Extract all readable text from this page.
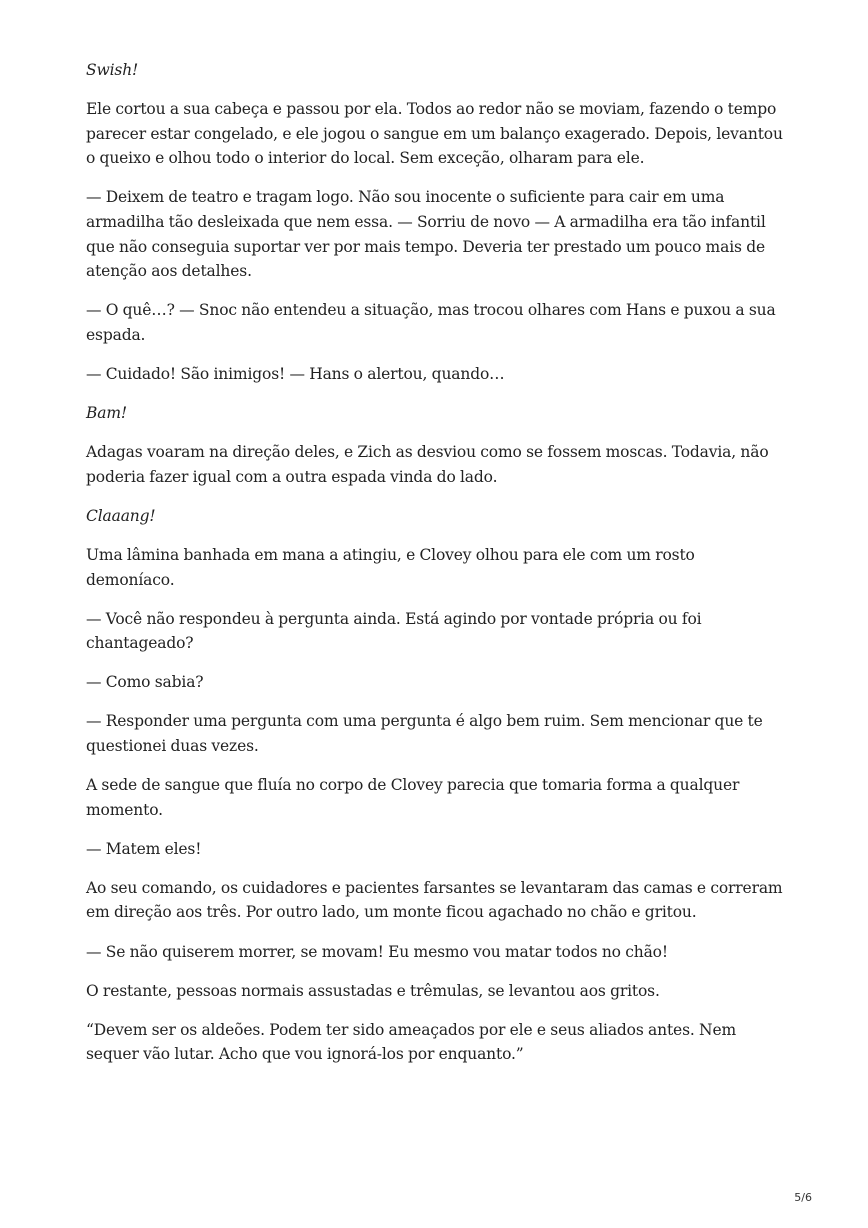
Swish!

Ele cortou a sua cabeça e passou por ela. Todos ao redor não se moviam, fazendo o tempo parecer estar congelado, e ele jogou o sangue em um balanço exagerado. Depois, levantou o queixo e olhou todo o interior do local. Sem exceção, olharam para ele.

— Deixem de teatro e tragam logo. Não sou inocente o suficiente para cair em uma armadilha tão desleixada que nem essa. — Sorriu de novo — A armadilha era tão infantil que não conseguia suportar ver por mais tempo. Deveria ter prestado um pouco mais de atenção aos detalhes.

— O quê…? — Snoc não entendeu a situação, mas trocou olhares com Hans e puxou a sua espada.

— Cuidado! São inimigos! — Hans o alertou, quando…

Bam!

Adagas voaram na direção deles, e Zich as desviou como se fossem moscas. Todavia, não poderia fazer igual com a outra espada vinda do lado.

Claaang!

Uma lâmina banhada em mana a atingiu, e Clovey olhou para ele com um rosto demoníaco.

— Você não respondeu à pergunta ainda. Está agindo por vontade própria ou foi chantageado?

— Como sabia?

— Responder uma pergunta com uma pergunta é algo bem ruim. Sem mencionar que te questionei duas vezes.

A sede de sangue que fluía no corpo de Clovey parecia que tomaria forma a qualquer momento.

— Matem eles!

Ao seu comando, os cuidadores e pacientes farsantes se levantaram das camas e correram em direção aos três. Por outro lado, um monte ficou agachado no chão e gritou.

— Se não quiserem morrer, se movam! Eu mesmo vou matar todos no chão!

O restante, pessoas normais assustadas e trêmulas, se levantou aos gritos.

“Devem ser os aldeões. Podem ter sido ameaçados por ele e seus aliados antes. Nem sequer vão lutar. Acho que vou ignorá-los por enquanto.”

5/6
